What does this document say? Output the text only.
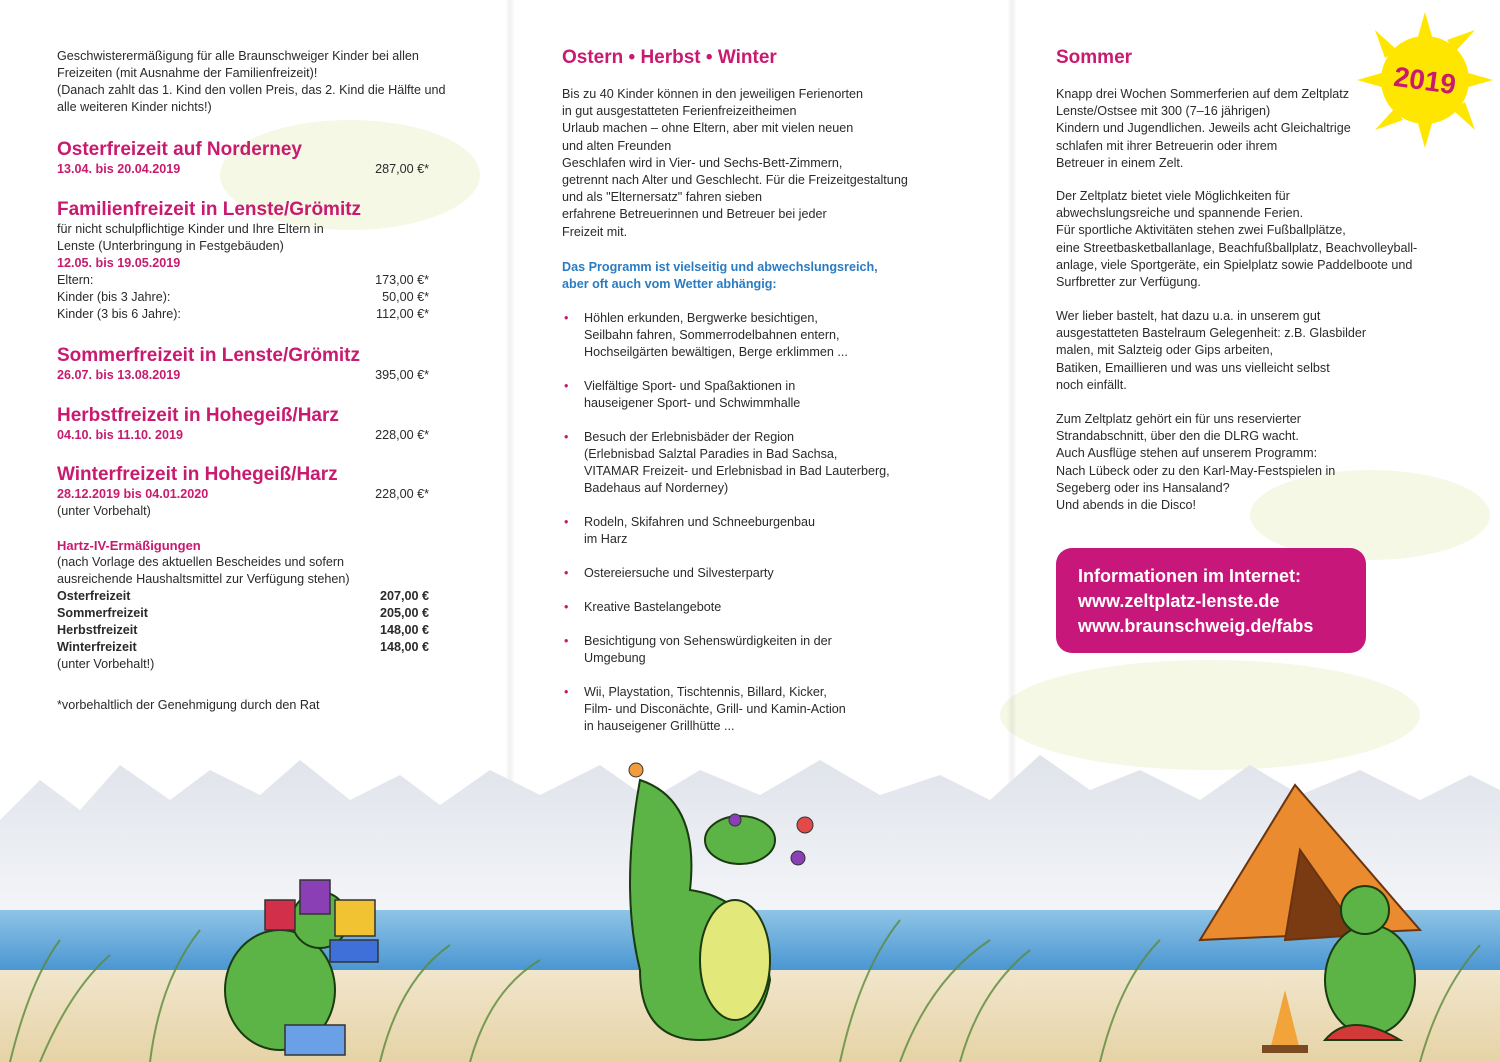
Geschwisterermäßigung für alle Braunschweiger Kinder bei allen
Freizeiten (mit Ausnahme der Familienfreizeit)!
(Danach zahlt das 1. Kind den vollen Preis, das 2. Kind die Hälfte und
alle weiteren Kinder nichts!)
Osterfreizeit auf Norderney
13.04. bis 20.04.2019	287,00 €*
Familienfreizeit in Lenste/Grömitz
für nicht schulpflichtige Kinder und Ihre Eltern in
Lenste (Unterbringung in Festgebäuden)
12.05. bis 19.05.2019
Eltern:	173,00 €*
Kinder (bis 3 Jahre):	50,00 €*
Kinder (3 bis 6 Jahre):	112,00 €*
Sommerfreizeit in Lenste/Grömitz
26.07. bis 13.08.2019	395,00 €*
Herbstfreizeit in Hohegeiß/Harz
04.10. bis 11.10. 2019	228,00 €*
Winterfreizeit in Hohegeiß/Harz
28.12.2019 bis 04.01.2020	228,00 €*
(unter Vorbehalt)
Hartz-IV-Ermäßigungen
(nach Vorlage des aktuellen Bescheides und sofern
ausreichende Haushaltsmittel zur Verfügung stehen)
Osterfreizeit	207,00 €
Sommerfreizeit	205,00 €
Herbstfreizeit	148,00 €
Winterfreizeit	148,00 €
(unter Vorbehalt!)
*vorbehaltlich der Genehmigung durch den Rat
Ostern • Herbst • Winter
Bis zu 40 Kinder können in den jeweiligen Ferienorten
in gut ausgestatteten Ferienfreizeitheimen
Urlaub machen – ohne Eltern, aber mit vielen neuen
und alten Freunden
Geschlafen wird in Vier- und Sechs-Bett-Zimmern,
getrennt nach Alter und Geschlecht. Für die Freizeitgestaltung
und als "Elternersatz" fahren sieben
erfahrene Betreuerinnen und Betreuer bei jeder
Freizeit mit.
Das Programm ist vielseitig und abwechslungsreich,
aber oft auch vom Wetter abhängig:
• Höhlen erkunden, Bergwerke besichtigen,
Seilbahn fahren, Sommerrodelbahnen entern,
Hochseilgärten bewältigen, Berge erklimmen ...
• Vielfältige Sport- und Spaßaktionen in
hauseigener Sport- und Schwimmhalle
• Besuch der Erlebnisbäder der Region
(Erlebnisbad Salztal Paradies in Bad Sachsa,
VITAMAR Freizeit- und Erlebnisbad in Bad Lauterberg,
Badehaus auf Norderney)
• Rodeln, Skifahren und Schneeburgenbau
im Harz
• Ostereiersuche und Silvesterparty
• Kreative Bastelangebote
• Besichtigung von Sehenswürdigkeiten in der
Umgebung
• Wii, Playstation, Tischtennis, Billard, Kicker,
Film- und Disconächte, Grill- und Kamin-Action
in hauseigener Grillhütte ...
Sommer
Knapp drei Wochen Sommerferien auf dem Zeltplatz
Lenste/Ostsee mit 300 (7–16 jährigen)
Kindern und Jugendlichen. Jeweils acht Gleichaltrige
schlafen mit ihrer Betreuerin oder ihrem
Betreuer in einem Zelt.
Der Zeltplatz bietet viele Möglichkeiten für
abwechslungsreiche und spannende Ferien.
Für sportliche Aktivitäten stehen zwei Fußballplätze,
eine Streetbasketballanlage, Beachfußballplatz, Beachvolleyball-
anlage, viele Sportgeräte, ein Spielplatz sowie Paddelboote und
Surfbretter zur Verfügung.
Wer lieber bastelt, hat dazu u.a. in unserem gut
ausgestatteten Bastelraum Gelegenheit: z.B. Glasbilder
malen, mit Salzteig oder Gips arbeiten,
Batiken, Emaillieren und was uns vielleicht selbst
noch einfällt.
Zum Zeltplatz gehört ein für uns reservierter
Strandabschnitt, über den die DLRG wacht.
Auch Ausflüge stehen auf unserem Programm:
Nach Lübeck oder zu den Karl-May-Festspielen in
Segeberg oder ins Hansaland?
Und abends in die Disco!
Informationen im Internet:
www.zeltplatz-lenste.de
www.braunschweig.de/fabs
2019
